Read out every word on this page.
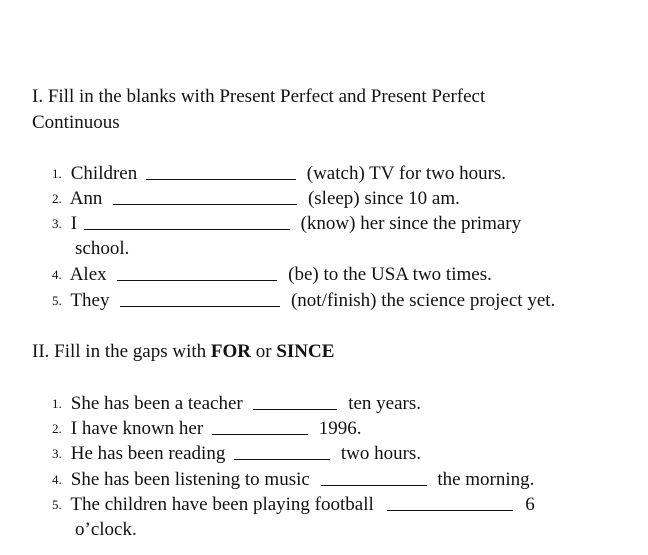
I. Fill in the blanks with Present Perfect and Present Perfect
Continuous
1. Children	(watch) TV for two hours.
2. Ann	(sleep) since 10 am.
3. I	(know) her since the primary
school.
4. Alex	(be) to the USA two times.
5. They	(not/finish) the science project yet.
II. Fill in the gaps with FOR or SINCE
1. She has been a teacher	ten years.
2. I have known her	1996.
3. He has been reading	two hours.
4. She has been listening to music	the morning.
5. The children have been playing football	6
o’clock.
